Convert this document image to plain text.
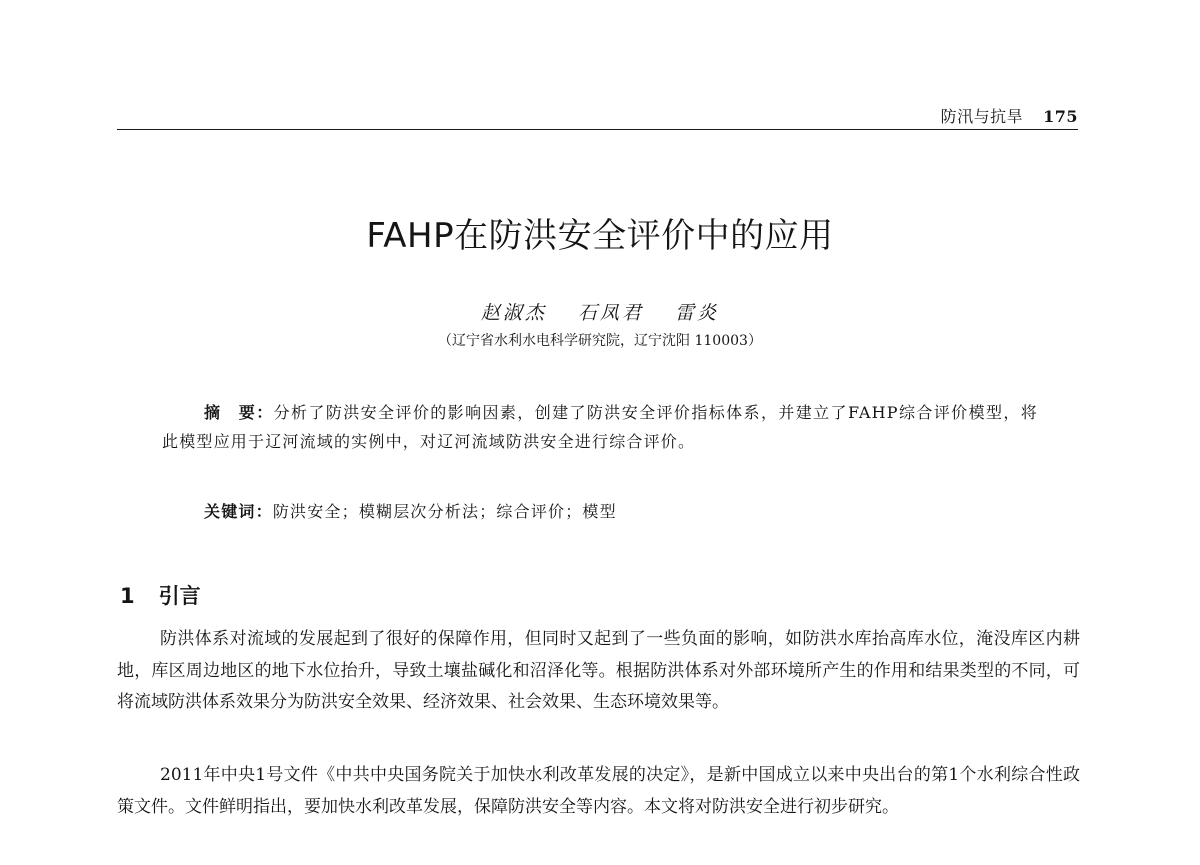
防汛与抗旱 175
FAHP在防洪安全评价中的应用
赵淑杰 石凤君 雷炎
（辽宁省水利水电科学研究院，辽宁沈阳 110003）
摘　要：分析了防洪安全评价的影响因素，创建了防洪安全评价指标体系，并建立了FAHP综合评价模型，将此模型应用于辽河流域的实例中，对辽河流域防洪安全进行综合评价。
关键词：防洪安全；模糊层次分析法；综合评价；模型
1 引言

防洪体系对流域的发展起到了很好的保障作用，但同时又起到了一些负面的影响，如防洪水库抬高库水位，淹没库区内耕地，库区周边地区的地下水位抬升，导致土壤盐碱化和沼泽化等。根据防洪体系对外部环境所产生的作用和结果类型的不同，可将流域防洪体系效果分为防洪安全效果、经济效果、社会效果、生态环境效果等。

2011年中央1号文件《中共中央国务院关于加快水利改革发展的决定》，是新中国成立以来中央出台的第1个水利综合性政策文件。文件鲜明指出，要加快水利改革发展，保障防洪安全等内容。本文将对防洪安全进行初步研究。
